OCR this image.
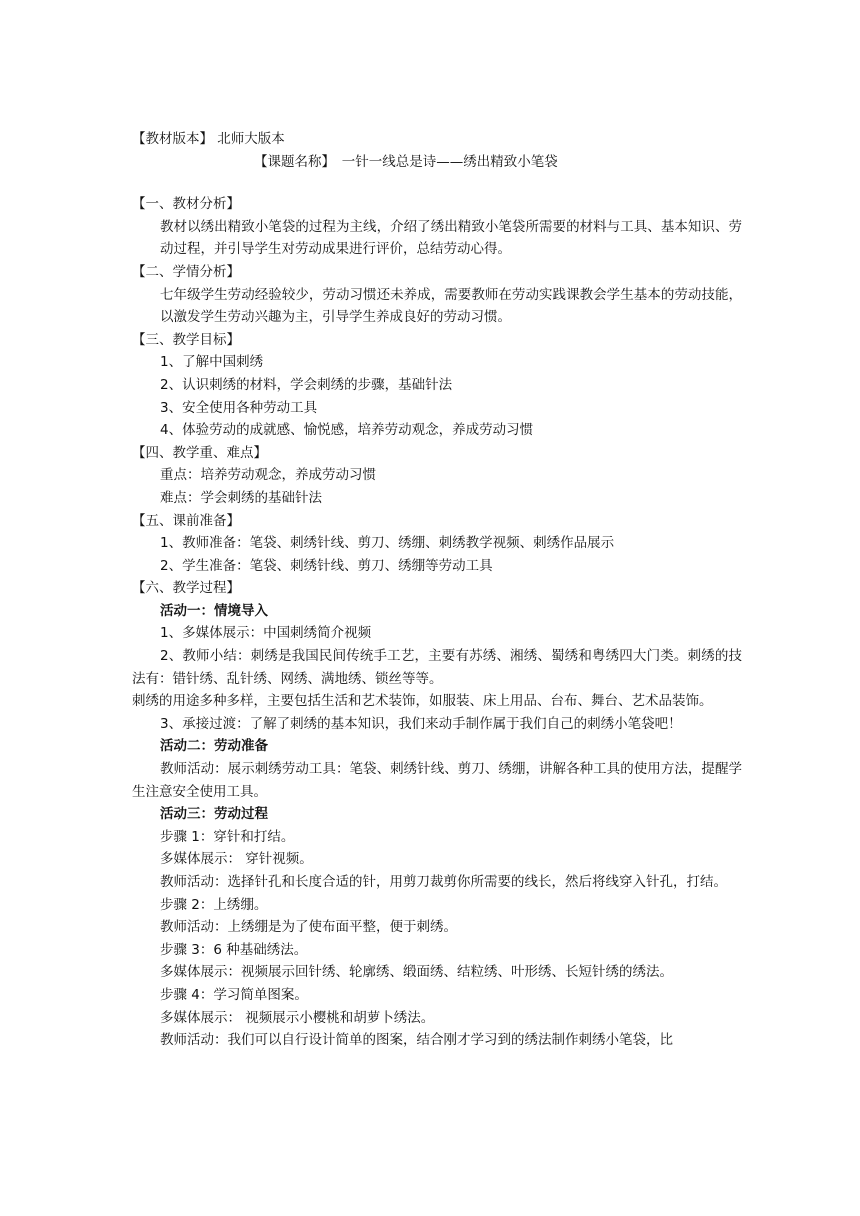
【教材版本】 北师大版本
【课题名称】　一针一线总是诗——绣出精致小笔袋
【一、教材分析】
教材以绣出精致小笔袋的过程为主线，介绍了绣出精致小笔袋所需要的材料与工具、基本知识、劳动过程，并引导学生对劳动成果进行评价，总结劳动心得。
【二、学情分析】
七年级学生劳动经验较少，劳动习惯还未养成，需要教师在劳动实践课教会学生基本的劳动技能，以激发学生劳动兴趣为主，引导学生养成良好的劳动习惯。
【三、教学目标】
1、了解中国刺绣
2、认识刺绣的材料，学会刺绣的步骤，基础针法
3、安全使用各种劳动工具
4、体验劳动的成就感、愉悦感，培养劳动观念，养成劳动习惯
【四、教学重、难点】
重点：培养劳动观念，养成劳动习惯
难点：学会刺绣的基础针法
【五、课前准备】
1、教师准备：笔袋、刺绣针线、剪刀、绣绷、刺绣教学视频、刺绣作品展示
2、学生准备：笔袋、刺绣针线、剪刀、绣绷等劳动工具
【六、教学过程】
活动一：情境导入
1、多媒体展示：中国刺绣简介视频
2、教师小结：刺绣是我国民间传统手工艺，主要有苏绣、湘绣、蜀绣和粤绣四大门类。刺绣的技法有：错针绣、乱针绣、网绣、满地绣、锁丝等等。
刺绣的用途多种多样，主要包括生活和艺术装饰，如服装、床上用品、台布、舞台、艺术品装饰。
3、承接过渡：了解了刺绣的基本知识，我们来动手制作属于我们自己的刺绣小笔袋吧！
活动二：劳动准备
教师活动：展示刺绣劳动工具：笔袋、刺绣针线、剪刀、绣绷，讲解各种工具的使用方法，提醒学生注意安全使用工具。
活动三：劳动过程
步骤 1：穿针和打结。
多媒体展示： 穿针视频。
教师活动：选择针孔和长度合适的针，用剪刀裁剪你所需要的线长，然后将线穿入针孔，打结。
步骤 2：上绣绷。
教师活动：上绣绷是为了使布面平整，便于刺绣。
步骤 3：6 种基础绣法。
多媒体展示：视频展示回针绣、轮廓绣、缎面绣、结粒绣、叶形绣、长短针绣的绣法。
步骤 4：学习简单图案。
多媒体展示： 视频展示小樱桃和胡萝卜绣法。
教师活动：我们可以自行设计简单的图案，结合刚才学习到的绣法制作刺绣小笔袋，比
